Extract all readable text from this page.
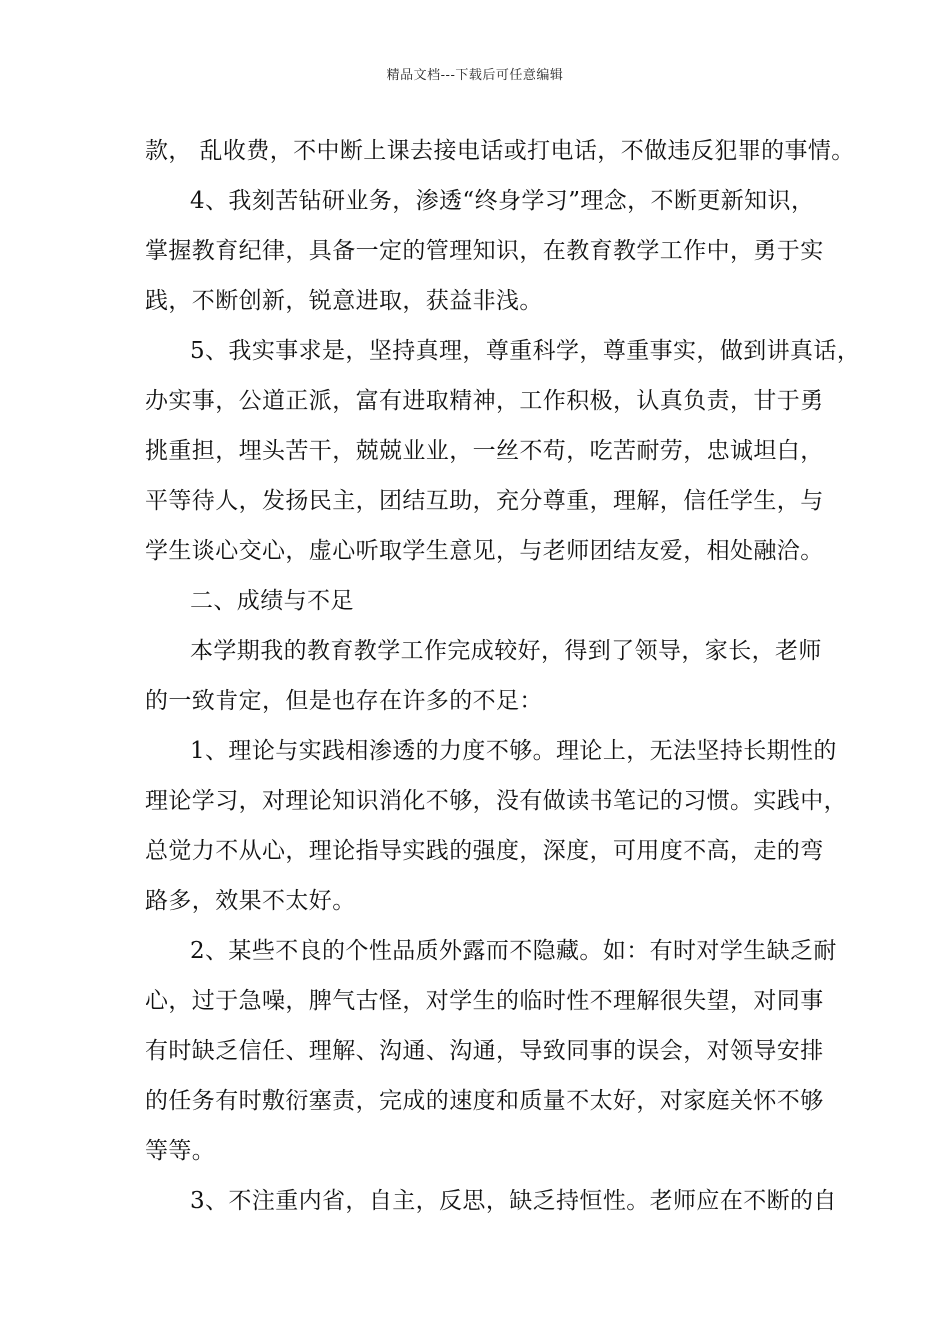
精品文档---下载后可任意编辑
款， 乱收费，不中断上课去接电话或打电话，不做违反犯罪的事情。
4、我刻苦钻研业务，渗透“终身学习”理念，不断更新知识，
掌握教育纪律，具备一定的管理知识，在教育教学工作中，勇于实
践，不断创新，锐意进取，获益非浅。
5、我实事求是，坚持真理，尊重科学，尊重事实，做到讲真话，
办实事，公道正派，富有进取精神，工作积极，认真负责，甘于勇
挑重担，埋头苦干，兢兢业业，一丝不苟，吃苦耐劳，忠诚坦白，
平等待人，发扬民主，团结互助，充分尊重，理解，信任学生，与
学生谈心交心，虚心听取学生意见，与老师团结友爱，相处融洽。
二、成绩与不足
本学期我的教育教学工作完成较好，得到了领导，家长，老师
的一致肯定，但是也存在许多的不足：
1、理论与实践相渗透的力度不够。理论上，无法坚持长期性的
理论学习，对理论知识消化不够，没有做读书笔记的习惯。实践中，
总觉力不从心，理论指导实践的强度，深度，可用度不高，走的弯
路多，效果不太好。
2、某些不良的个性品质外露而不隐藏。如：有时对学生缺乏耐
心，过于急噪，脾气古怪，对学生的临时性不理解很失望，对同事
有时缺乏信任、理解、沟通、沟通，导致同事的误会，对领导安排
的任务有时敷衍塞责，完成的速度和质量不太好，对家庭关怀不够
等等。
3、不注重内省，自主，反思，缺乏持恒性。老师应在不断的自
